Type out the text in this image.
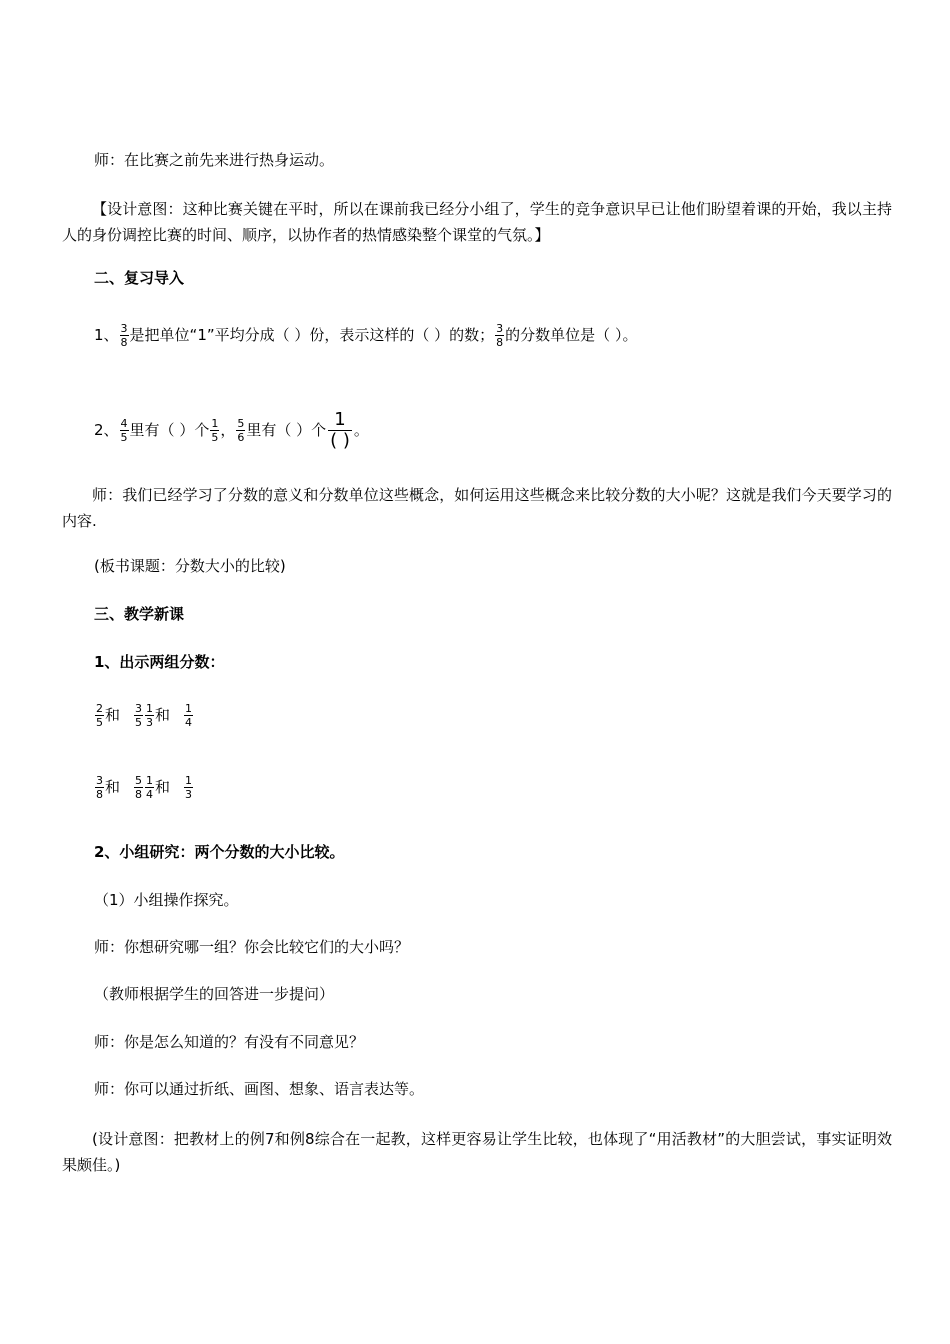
师：在比赛之前先来进行热身运动。
【设计意图：这种比赛关键在平时，所以在课前我已经分小组了，学生的竞争意识早已让他们盼望着课的开始，我以主持人的身份调控比赛的时间、顺序，以协作者的热情感染整个课堂的气氛。】
二、复习导入
1、 $\frac{3}{8}$ 是把单位“1”平均分成（ ）份，表示这样的（ ）的数； $\frac{3}{8}$ 的分数单位是（ ）。
2、 $\frac{4}{5}$ 里有（ ）个 $\frac{1}{5}$ ， $\frac{5}{6}$ 里有（ ）个 $\frac{1}{( )}$ 。
师：我们已经学习了分数的意义和分数单位这些概念，如何运用这些概念来比较分数的大小呢？这就是我们今天要学习的内容.
(板书课题：分数大小的比较)
三、教学新课
1、出示两组分数：
$\frac{2}{5}$ 和 $\frac{3}{5} \frac{1}{3}$ 和 $\frac{1}{4}$
$\frac{3}{8}$ 和 $\frac{5}{8} \frac{1}{4}$ 和 $\frac{1}{3}$
2、小组研究：两个分数的大小比较。
（1）小组操作探究。
师：你想研究哪一组？你会比较它们的大小吗？
（教师根据学生的回答进一步提问）
师：你是怎么知道的？有没有不同意见？
师：你可以通过折纸、画图、想象、语言表达等。
(设计意图：把教材上的例7和例8综合在一起教，这样更容易让学生比较，也体现了“用活教材”的大胆尝试，事实证明效果颇佳。)
